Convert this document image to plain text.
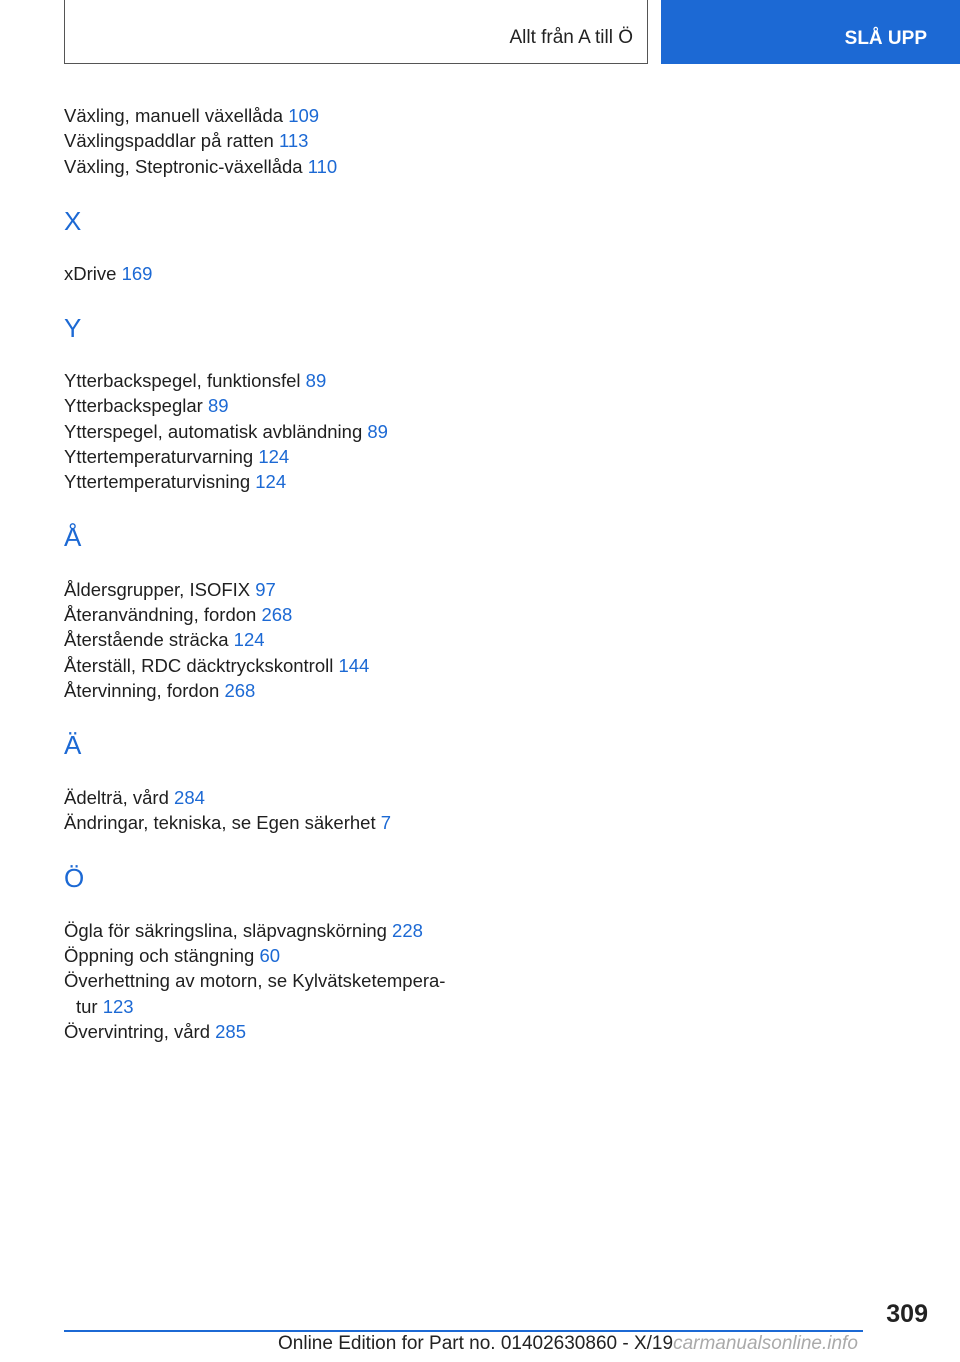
Allt från A till Ö	SLÅ UPP
Växling, manuell växellåda 109
Växlingspaddlar på ratten 113
Växling, Steptronic-växellåda 110
X
xDrive 169
Y
Ytterbackspegel, funktionsfel 89
Ytterbackspeglar 89
Ytterspegel, automatisk avbländning 89
Yttertemperaturvarning 124
Yttertemperaturvisning 124
Å
Åldersgrupper, ISOFIX 97
Återanvändning, fordon 268
Återstående sträcka 124
Återställ, RDC däcktryckskontroll 144
Återvinning, fordon 268
Ä
Ädelträ, vård 284
Ändringar, tekniska, se Egen säkerhet 7
Ö
Ögla för säkringslina, släpvagnskörning 228
Öppning och stängning 60
Överhettning av motorn, se Kylvätsketempera-
tur 123
Övervintring, vård 285
309
Online Edition for Part no. 01402630860 - X/19carmanualsonline.info
